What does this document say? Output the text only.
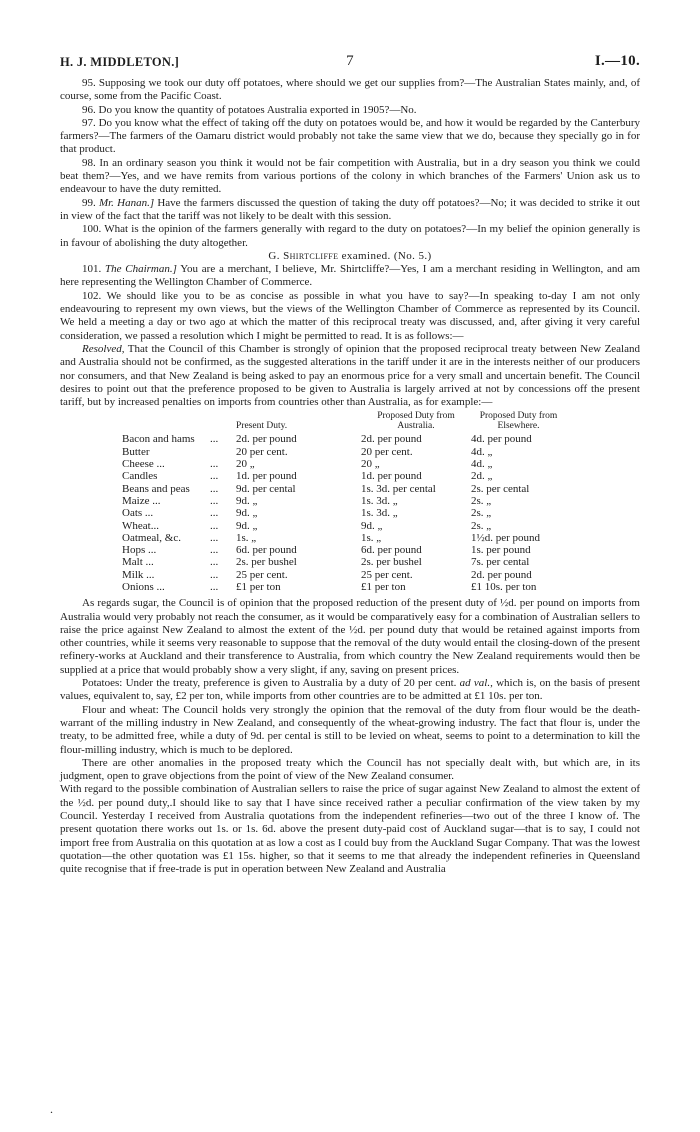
H. J. MIDDLETON.]	7	I.—10.

95. Supposing we took our duty off potatoes, where should we get our supplies from?—The Australian States mainly, and, of course, some from the Pacific Coast.

96. Do you know the quantity of potatoes Australia exported in 1905?—No.

97. Do you know what the effect of taking off the duty on potatoes would be, and how it would be regarded by the Canterbury farmers?—The farmers of the Oamaru district would probably not take the same view that we do, because they specially go in for that product.

98. In an ordinary season you think it would not be fair competition with Australia, but in a dry season you think we could beat them?—Yes, and we have remits from various portions of the colony in which branches of the Farmers' Union ask us to endeavour to have the duty remitted.

99. Mr. Hanan.] Have the farmers discussed the question of taking the duty off potatoes?—No; it was decided to strike it out in view of the fact that the tariff was not likely to be dealt with this session.

100. What is the opinion of the farmers generally with regard to the duty on potatoes?—In my belief the opinion generally is in favour of abolishing the duty altogether.

G. Shirtcliffe examined. (No. 5.)

101. The Chairman.] You are a merchant, I believe, Mr. Shirtcliffe?—Yes, I am a merchant residing in Wellington, and am here representing the Wellington Chamber of Commerce.

102. We should like you to be as concise as possible in what you have to say?—In speaking to-day I am not only endeavouring to represent my own views, but the views of the Wellington Chamber of Commerce as represented by its Council. We held a meeting a day or two ago at which the matter of this reciprocal treaty was discussed, and, after giving it very careful consideration, we passed a resolution which I might be permitted to read. It is as follows:—

Resolved, That the Council of this Chamber is strongly of opinion that the proposed reciprocal treaty between New Zealand and Australia should not be confirmed, as the suggested alterations in the tariff under it are in the interests neither of our producers nor consumers, and that New Zealand is being asked to pay an enormous price for a very small and uncertain benefit. The Council desires to point out that the preference proposed to be given to Australia is largely arrived at not by concessions off the present tariff, but by increased penalties on imports from countries other than Australia, as for example:—

		Present Duty.	Proposed Duty from Australia.	Proposed Duty from Elsewhere.
Bacon and hams	...	2d. per pound	2d. per pound	4d. per pound
Butter		20 per cent.	20 per cent.	4d. „
Cheese ...	...	20 „	20 „	4d. „
Candles	...	1d. per pound	1d. per pound	2d. „
Beans and peas	...	9d. per cental	1s. 3d. per cental	2s. per cental
Maize ...	...	9d. „	1s. 3d. „	2s. „
Oats ...	...	9d. „	1s. 3d. „	2s. „
Wheat...	...	9d. „	9d. „	2s. „
Oatmeal, &c.	...	1s. „	1s. „	1½d. per pound
Hops ...	...	6d. per pound	6d. per pound	1s. per pound
Malt ...	...	2s. per bushel	2s. per bushel	7s. per cental
Milk ...	...	25 per cent.	25 per cent.	2d. per pound
Onions ...	...	£1 per ton	£1 per ton	£1 10s. per ton

As regards sugar, the Council is of opinion that the proposed reduction of the present duty of ½d. per pound on imports from Australia would very probably not reach the consumer, as it would be comparatively easy for a combination of Australian sellers to raise the price against New Zealand to almost the extent of the ½d. per pound duty that would be retained against imports from other countries, while it seems very reasonable to suppose that the removal of the duty would entail the closing-down of the present refinery-works at Auckland and their transference to Australia, from which country the New Zealand requirements would then be supplied at a price that would probably show a very slight, if any, saving on present prices.

Potatoes: Under the treaty, preference is given to Australia by a duty of 20 per cent. ad val., which is, on the basis of present values, equivalent to, say, £2 per ton, while imports from other countries are to be admitted at £1 10s. per ton.

Flour and wheat: The Council holds very strongly the opinion that the removal of the duty from flour would be the death-warrant of the milling industry in New Zealand, and consequently of the wheat-growing industry. The fact that flour is, under the treaty, to be admitted free, while a duty of 9d. per cental is still to be levied on wheat, seems to point to a determination to kill the flour-milling industry, which is much to be deplored.

There are other anomalies in the proposed treaty which the Council has not specially dealt with, but which are, in its judgment, open to grave objections from the point of view of the New Zealand consumer.

With regard to the possible combination of Australian sellers to raise the price of sugar against New Zealand to almost the extent of the ½d. per pound duty,.I should like to say that I have since received rather a peculiar confirmation of the view taken by my Council. Yesterday I received from Australia quotations from the independent refineries—two out of the three I know of. The present quotation there works out 1s. or 1s. 6d. above the present duty-paid cost of Auckland sugar—that is to say, I could not import free from Australia on this quotation at as low a cost as I could buy from the Auckland Sugar Company. That was the lowest quotation—the other quotation was £1 15s. higher, so that it seems to me that already the independent refineries in Queensland quite recognise that if free-trade is put in operation between New Zealand and Australia

.
